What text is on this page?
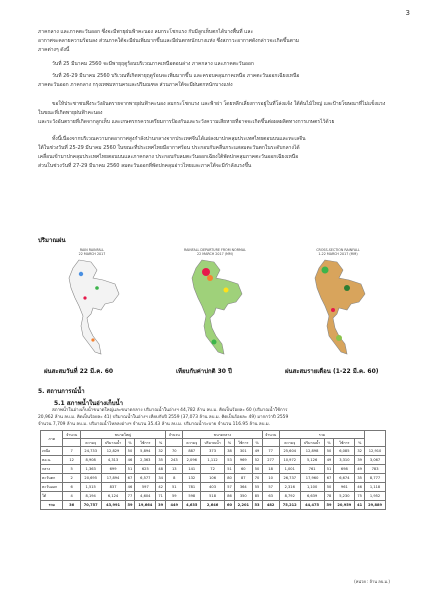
3

ภาคกลาง และภาคตะวันออก ซึ่งจะมีพายุฝนฟ้าคะนอง ลมกระโชกแรง กับมีลูกเห็บตกได้บางพื้นที่ และ

อากาศจะคลายความร้อนลง ส่วนภาคใต้จะมีฝนเพิ่มมากขึ้นและมีฝนตกหนักบางแห่ง ซึ่งสภาวะอากาศดังกล่าวจะเกิดขึ้นตาม

ภาคต่างๆ ดังนี้

วันที่ 25 มีนาคม 2560 จะมีพายุฤดูร้อนบริเวณภาคเหนือตอนล่าง ภาคกลาง และภาคตะวันออก

วันที่ 26-29 มีนาคม 2560 บริเวณที่เกิดพายุฤดูร้อนจะเพิ่มมากขึ้น และครอบคลุมภาคเหนือ ภาคตะวันออกเฉียงเหนือ

ภาคตะวันออก ภาคกลาง กรุงเทพมหานครและปริมณฑล ส่วนภาคใต้จะมีฝนตกหนักบางแห่ง

ขอให้ประชาชนพึงระวังอันตรายจากพายุฝนฟ้าคะนอง ลมกระโชกแรง และฟ้าผ่า โดยหลีกเลี่ยงการอยู่ในที่โล่งแจ้ง ใต้ต้นไม้ใหญ่ และป้ายโฆษณาที่ไม่แข็งแรง ในขณะที่เกิดพายุฝนฟ้าคะนอง

และระวังอันตรายที่เกิดจากลูกเห็บ และเกษตรกรควรเตรียมการป้องกันและระวังความเสียหายที่อาจจะเกิดขึ้นต่อผลผลิตทางการเกษตรไว้ด้วย

ทั้งนี้เนื่องจากบริเวณความกดอากาศสูงกำลังปานกลางจากประเทศจีนได้แผ่ลงมาปกคลุมประเทศไทยตอนบนและทะเลจีน

ใต้ในช่วงวันที่ 25-29 มีนาคม 2560 ในขณะที่ประเทศไทยมีอากาศร้อน ประกอบกับคลื่นกระแสลมตะวันตกในระดับกลางได้

เคลื่อนเข้ามาปกคลุมประเทศไทยตอนบนและภาคกลาง ประกอบกับลมตะวันออกเฉียงใต้พัดปกคลุมภาคตะวันออกเฉียงเหนือ

ส่วนในช่วงวันที่ 27-29 มีนาคม 2560 ลมตะวันออกที่พัดปกคลุมอ่าวไทยและภาคใต้จะมีกำลังแรงขึ้น

ปริมาณฝน
RAIN RAINFALL
22 MARCH 2017
RAINFALL DEPARTURE FROM NORMAL
22 MARCH 2017 (MM)
CROSS-SECTION RAINFALL
1-22 MARCH 2017 (MM)
ฝนสะสมวันที่ 22 มี.ค. 60	เทียบกับค่าปกติ 30 ปี	ฝนสะสมรายเดือน (1-22 มี.ค. 60)
5. สถานการณ์น้ำ
5.1 สภาพน้ำในอ่างเก็บน้ำ

สภาพน้ำในอ่างเก็บน้ำขนาดใหญ่และขนาดกลาง ปริมาณน้ำในอ่างฯ 44,782 ล้าน ลบ.ม. คิดเป็นร้อยละ 60 (ปริมาณน้ำใช้การ

20,962 ล้าน ลบ.ม. คิดเป็นร้อยละ 41) ปริมาณน้ำในอ่างฯ เทียบกับปี 2559 (37,073 ล้าน ลบ.ม. คิดเป็นร้อยละ 49) มากกว่าปี 2559

จำนวน 7,709 ล้าน ลบ.ม. ปริมาณน้ำไหลลงอ่างฯ จำนวน 35.43 ล้าน ลบ.ม. ปริมาณน้ำระบาย จำนวน 116.95 ล้าน ลบ.ม.

ภาค	จำนวน	ขนาดใหญ่					จำนวน	ขนาดกลาง					จำนวน	รวม					
		ความจุ	ปริมาณน้ำ	%	ใช้การ	%		ความจุ	ปริมาณน้ำ	%	ใช้การ	%		ความจุ	ปริมาณน้ำ	%	ใช้การ	%	
เหนือ	7	24,733	12,829	50	5,894	32	70	887	373	38	301	49	77	25,604	12,898	50	6,085	32	12,910
ตอ.น.	12	8,908	4,313	46	2,363	35	243	2,096	1,112	53	969	52	277	10,972	5,126	49	3,310	39	3,067
กลาง	5	1,363	699	51	625	48	13	141	72	51	60	50	18	1,001	761	51	698	49	783
ตะวันตก	2	20,695	17,894	67	6,577	34	8	132	106	80	87	70	10	26,737	17,960	67	6,674	35	8,777
ตะวันออก	6	1,515	837	46	597	42	51	781	403	57	364	55	57	2,316	1,100	50	961	46	1,118
ใต้	4	8,194	6,124	77	4,604	71	59	598	518	86	350	85	63	8,792	6,639	78	5,230	75	1,952
รวม	36	70,757	43,991	59	19,664	39	449	4,635	2,646	60	2,201	53	482	75,212	44,475	59	20,959	41	29,889
(หน่วย : ล้าน ลบ.ม.)
